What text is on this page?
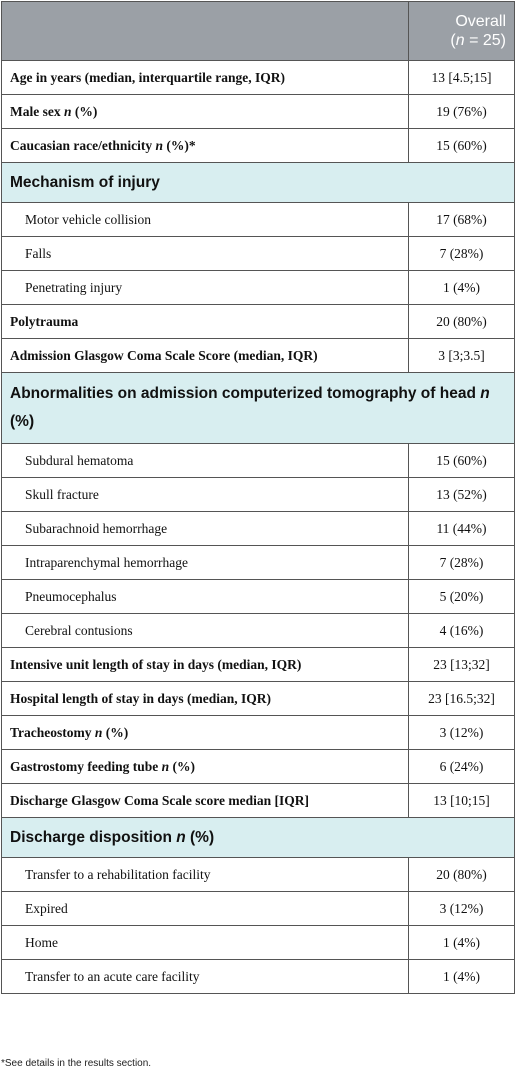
	Overall
(n = 25)
Age in years (median, interquartile range, IQR)	13 [4.5;15]
Male sex n (%)	19 (76%)
Caucasian race/ethnicity n (%)*	15 (60%)
Mechanism of injury	
Motor vehicle collision	17 (68%)
Falls	7 (28%)
Penetrating injury	1 (4%)
Polytrauma	20 (80%)
Admission Glasgow Coma Scale Score (median, IQR)	3 [3;3.5]
Abnormalities on admission computerized tomography of head n (%)	
Subdural hematoma	15 (60%)
Skull fracture	13 (52%)
Subarachnoid hemorrhage	11 (44%)
Intraparenchymal hemorrhage	7 (28%)
Pneumocephalus	5 (20%)
Cerebral contusions	4 (16%)
Intensive unit length of stay in days (median, IQR)	23 [13;32]
Hospital length of stay in days (median, IQR)	23 [16.5;32]
Tracheostomy n (%)	3 (12%)
Gastrostomy feeding tube n (%)	6 (24%)
Discharge Glasgow Coma Scale score median [IQR]	13 [10;15]
Discharge disposition n (%)	
Transfer to a rehabilitation facility	20 (80%)
Expired	3 (12%)
Home	1 (4%)
Transfer to an acute care facility	1 (4%)
*See details in the results section.
